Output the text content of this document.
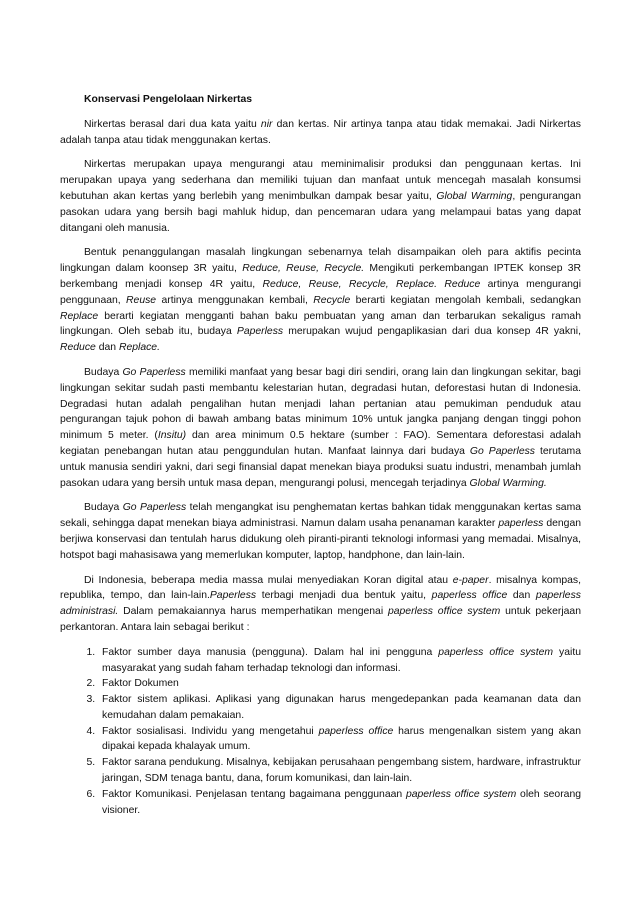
Konservasi Pengelolaan Nirkertas

Nirkertas berasal dari dua kata yaitu nir dan kertas. Nir artinya tanpa atau tidak memakai. Jadi Nirkertas adalah tanpa atau tidak menggunakan kertas.

Nirkertas merupakan upaya mengurangi atau meminimalisir produksi dan penggunaan kertas. Ini merupakan upaya yang sederhana dan memiliki tujuan dan manfaat untuk mencegah masalah konsumsi kebutuhan akan kertas yang berlebih yang menimbulkan dampak besar yaitu, Global Warming, pengurangan pasokan udara yang bersih bagi mahluk hidup, dan pencemaran udara yang melampaui batas yang dapat ditangani oleh manusia.

Bentuk penanggulangan masalah lingkungan sebenarnya telah disampaikan oleh para aktifis pecinta lingkungan dalam koonsep 3R yaitu, Reduce, Reuse, Recycle. Mengikuti perkembangan IPTEK konsep 3R berkembang menjadi konsep 4R yaitu, Reduce, Reuse, Recycle, Replace. Reduce artinya mengurangi penggunaan, Reuse artinya menggunakan kembali, Recycle berarti kegiatan mengolah kembali, sedangkan Replace berarti kegiatan mengganti bahan baku pembuatan yang aman dan terbarukan sekaligus ramah lingkungan. Oleh sebab itu, budaya Paperless merupakan wujud pengaplikasian dari dua konsep 4R yakni, Reduce dan Replace.

Budaya Go Paperless memiliki manfaat yang besar bagi diri sendiri, orang lain dan lingkungan sekitar, bagi lingkungan sekitar sudah pasti membantu kelestarian hutan, degradasi hutan, deforestasi hutan di Indonesia. Degradasi hutan adalah pengalihan hutan menjadi lahan pertanian atau pemukiman penduduk atau pengurangan tajuk pohon di bawah ambang batas minimum 10% untuk jangka panjang dengan tinggi pohon minimum 5 meter. (Insitu) dan area minimum 0.5 hektare (sumber : FAO). Sementara deforestasi adalah kegiatan penebangan hutan atau penggundulan hutan. Manfaat lainnya dari budaya Go Paperless terutama untuk manusia sendiri yakni, dari segi finansial dapat menekan biaya produksi suatu industri, menambah jumlah pasokan udara yang bersih untuk masa depan, mengurangi polusi, mencegah terjadinya Global Warming.

Budaya Go Paperless telah mengangkat isu penghematan kertas bahkan tidak menggunakan kertas sama sekali, sehingga dapat menekan biaya administrasi. Namun dalam usaha penanaman karakter paperless dengan berjiwa konservasi dan tentulah harus didukung oleh piranti-piranti teknologi informasi yang memadai. Misalnya, hotspot bagi mahasisawa yang memerlukan komputer, laptop, handphone, dan lain-lain.

Di Indonesia, beberapa media massa mulai menyediakan Koran digital atau e-paper. misalnya kompas, republika, tempo, dan lain-lain.Paperless terbagi menjadi dua bentuk yaitu, paperless office dan paperless administrasi. Dalam pemakaiannya harus memperhatikan mengenai paperless office system untuk pekerjaan perkantoran. Antara lain sebagai berikut :

1. Faktor sumber daya manusia (pengguna). Dalam hal ini pengguna paperless office system yaitu masyarakat yang sudah faham terhadap teknologi dan informasi.
2. Faktor Dokumen
3. Faktor sistem aplikasi. Aplikasi yang digunakan harus mengedepankan pada keamanan data dan kemudahan dalam pemakaian.
4. Faktor sosialisasi. Individu yang mengetahui paperless office harus mengenalkan sistem yang akan dipakai kepada khalayak umum.
5. Faktor sarana pendukung. Misalnya, kebijakan perusahaan pengembang sistem, hardware, infrastruktur jaringan, SDM tenaga bantu, dana, forum komunikasi, dan lain-lain.
6. Faktor Komunikasi. Penjelasan tentang bagaimana penggunaan paperless office system oleh seorang visioner.
